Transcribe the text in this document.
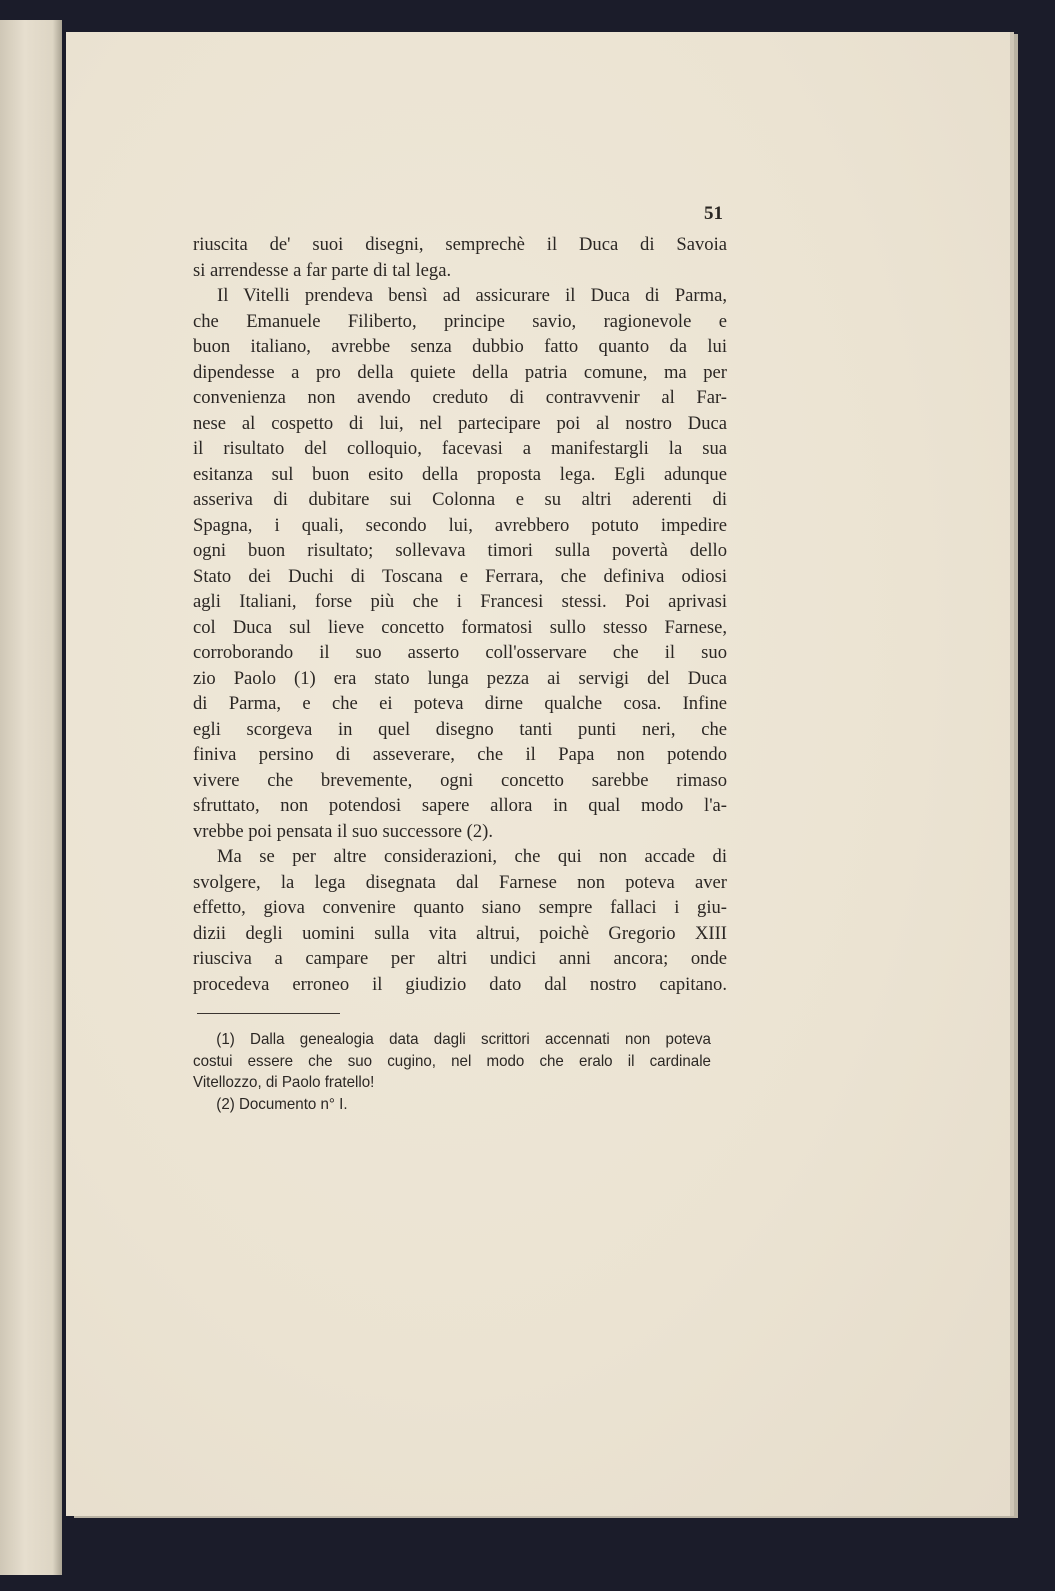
51
riuscita de' suoi disegni, semprechè il Duca di Savoia
si arrendesse a far parte di tal lega.
Il Vitelli prendeva bensì ad assicurare il Duca di Parma,
che Emanuele Filiberto, principe savio, ragionevole e
buon italiano, avrebbe senza dubbio fatto quanto da lui
dipendesse a pro della quiete della patria comune, ma per
convenienza non avendo creduto di contravvenir al Far-
nese al cospetto di lui, nel partecipare poi al nostro Duca
il risultato del colloquio, facevasi a manifestargli la sua
esitanza sul buon esito della proposta lega. Egli adunque
asseriva di dubitare sui Colonna e su altri aderenti di
Spagna, i quali, secondo lui, avrebbero potuto impedire
ogni buon risultato; sollevava timori sulla povertà dello
Stato dei Duchi di Toscana e Ferrara, che definiva odiosi
agli Italiani, forse più che i Francesi stessi. Poi aprivasi
col Duca sul lieve concetto formatosi sullo stesso Farnese,
corroborando il suo asserto coll'osservare che il suo
zio Paolo (1) era stato lunga pezza ai servigi del Duca
di Parma, e che ei poteva dirne qualche cosa. Infine
egli scorgeva in quel disegno tanti punti neri, che
finiva persino di asseverare, che il Papa non potendo
vivere che brevemente, ogni concetto sarebbe rimaso
sfruttato, non potendosi sapere allora in qual modo l'a-
vrebbe poi pensata il suo successore (2).
Ma se per altre considerazioni, che qui non accade di
svolgere, la lega disegnata dal Farnese non poteva aver
effetto, giova convenire quanto siano sempre fallaci i giu-
dizii degli uomini sulla vita altrui, poichè Gregorio XIII
riusciva a campare per altri undici anni ancora; onde
procedeva erroneo il giudizio dato dal nostro capitano.
(1) Dalla genealogia data dagli scrittori accennati non poteva
costui essere che suo cugino, nel modo che eralo il cardinale
Vitellozzo, di Paolo fratello!
(2) Documento n° I.
